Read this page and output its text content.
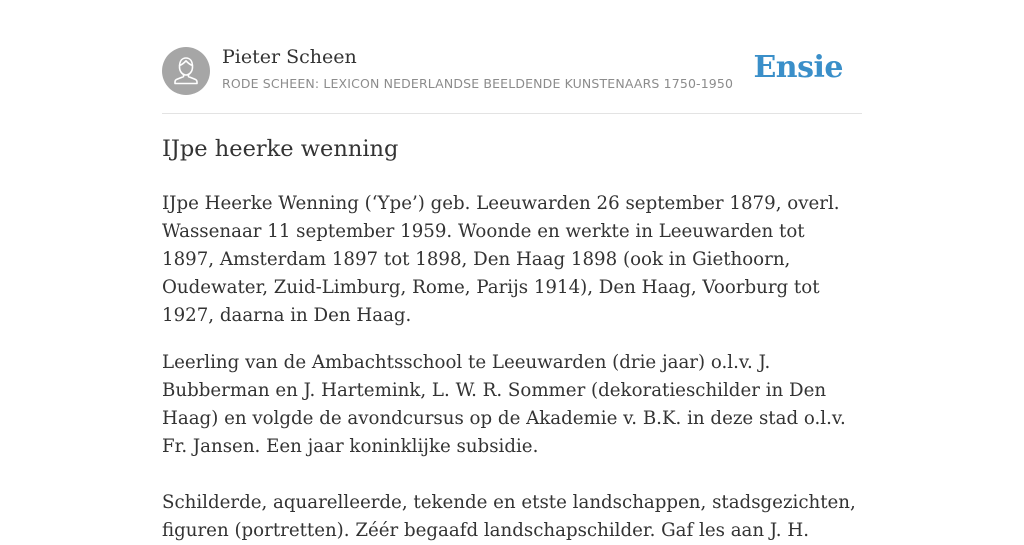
Pieter Scheen
RODE SCHEEN: LEXICON NEDERLANDSE BEELDENDE KUNSTENAARS 1750-1950 Ensie
IJpe heerke wenning

IJpe Heerke Wenning (‘Ype’) geb. Leeuwarden 26 september 1879, overl. Wassenaar 11 september 1959. Woonde en werkte in Leeuwarden tot 1897, Amsterdam 1897 tot 1898, Den Haag 1898 (ook in Giethoorn, Oudewater, Zuid-Limburg, Rome, Parijs 1914), Den Haag, Voorburg tot 1927, daarna in Den Haag.

Leerling van de Ambachtsschool te Leeuwarden (drie jaar) o.l.v. J. Bubberman en J. Hartemink, L. W. R. Sommer (dekoratieschilder in Den Haag) en volgde de avondcursus op de Akademie v. B.K. in deze stad o.l.v. Fr. Jansen. Een jaar koninklijke subsidie.

Schilderde, aquarelleerde, tekende en etste landschappen, stadsgezichten, figuren (portretten). Zéér begaafd landschapschilder. Gaf les aan J. H.
